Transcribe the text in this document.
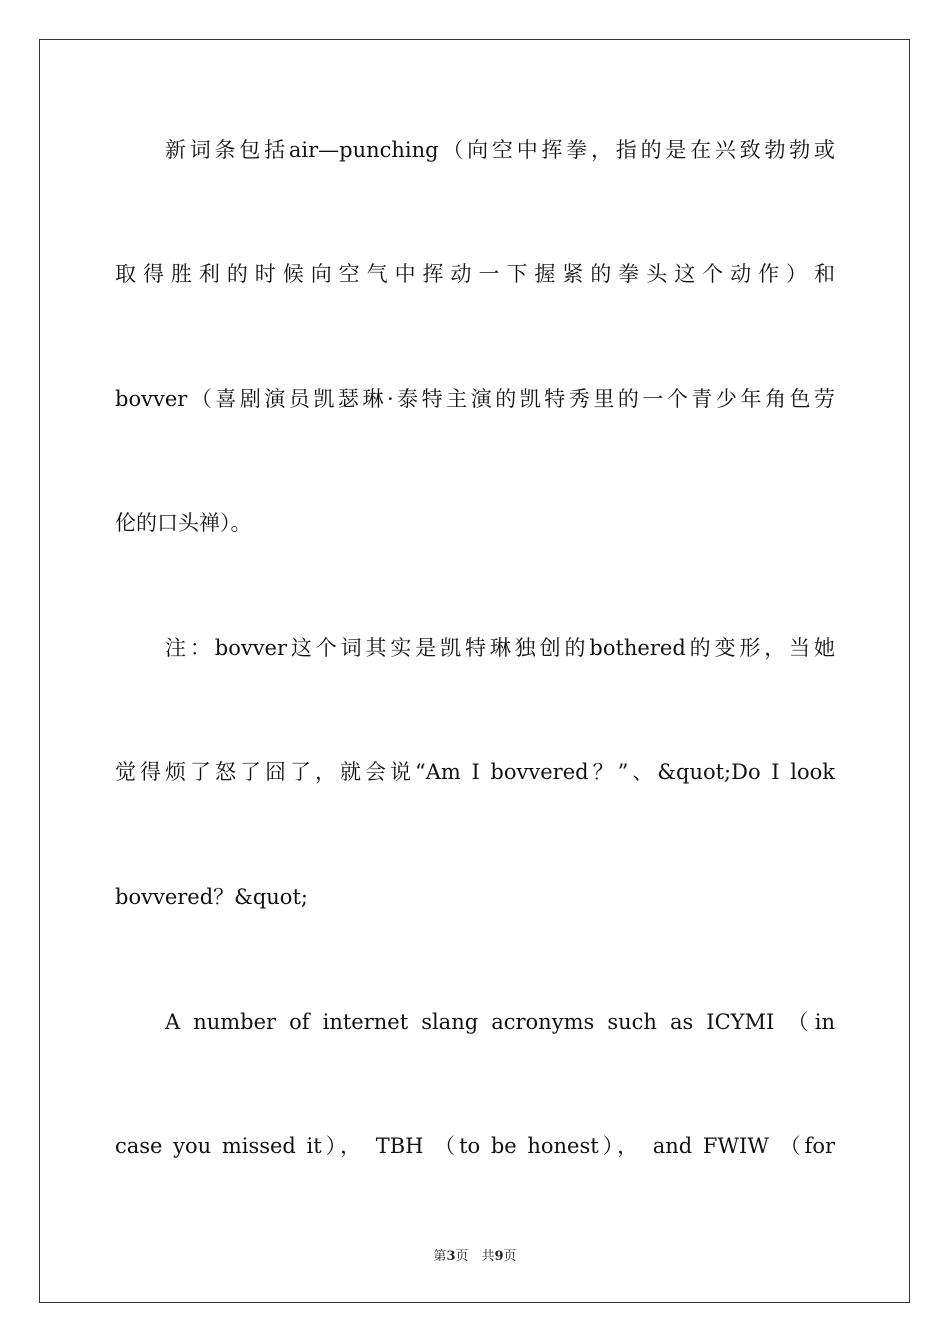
新词条包括air—punching（向空中挥拳，指的是在兴致勃勃或
取得胜利的时候向空气中挥动一下握紧的拳头这个动作）和
bovver（喜剧演员凯瑟琳·泰特主演的凯特秀里的一个青少年角色劳
伦的口头禅）。
注：bovver这个词其实是凯特琳独创的bothered的变形，当她
觉得烦了怒了囧了，就会说“Am I bovvered？”、&quot;Do I look
bovvered？&quot;
A number of internet slang acronyms such as ICYMI （in
case you missed it）， TBH （to be honest）， and FWIW （for
第3页　共9页
